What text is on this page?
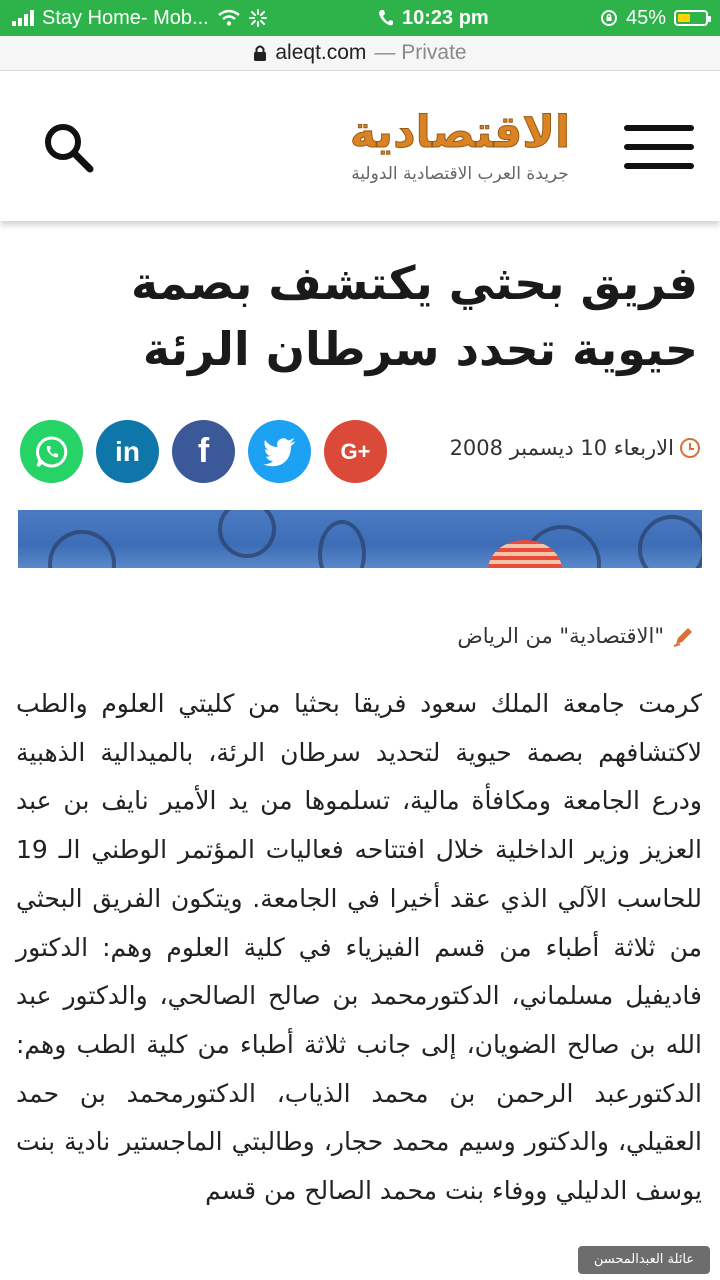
Stay Home- Mob...	10:23 pm	45%
aleqt.com — Private
الاقتصادية
جريدة العرب الاقتصادية الدولية
فريق بحثي يكتشف بصمة حيوية تحدد سرطان الرئة
in f	G+	الاربعاء 10 ديسمبر 2008
"الاقتصادية" من الرياض
كرمت جامعة الملك سعود فريقا بحثيا من كليتي العلوم والطب لاكتشافهم بصمة حيوية لتحديد سرطان الرئة، بالميدالية الذهبية ودرع الجامعة ومكافأة مالية، تسلموها من يد الأمير نايف بن عبد العزيز وزير الداخلية خلال افتتاحه فعاليات المؤتمر الوطني الـ 19 للحاسب الآلي الذي عقد أخيرا في الجامعة. ويتكون الفريق البحثي من ثلاثة أطباء من قسم الفيزياء في كلية العلوم وهم: الدكتور فاديفيل مسلماني، الدكتورمحمد بن صالح الصالحي، والدكتور عبد الله بن صالح الضويان، إلى جانب ثلاثة أطباء من كلية الطب وهم: الدكتورعبد الرحمن بن محمد الذياب، الدكتورمحمد بن حمد العقيلي، والدكتور وسيم محمد حجار، وطالبتي الماجستير نادية بنت يوسف الدليلي ووفاء بنت محمد الصالح من قسم
عائلة العبدالمحسن
